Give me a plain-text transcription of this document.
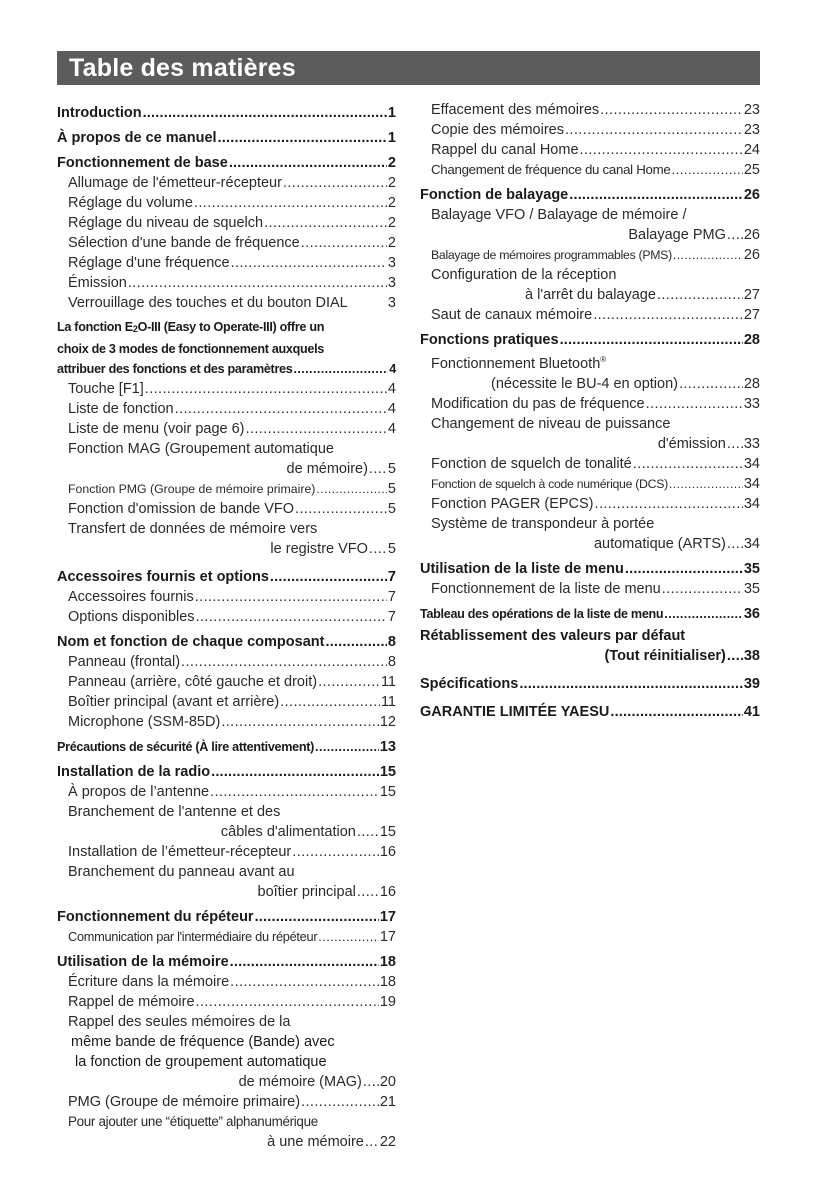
Table des matières
Introduction .....	1
À propos de ce manuel .....	1
Fonctionnement de base .....	2
Allumage de l'émetteur-récepteur .....	2
Réglage du volume .....	2
Réglage du niveau de squelch .....	2
Sélection d'une bande de fréquence .....	2
Réglage d'une fréquence .....	3
Émission .....	3
Verrouillage des touches et du bouton DIAL	3
La fonction $E_2O$-III (Easy to Operate-III) offre un
choix de 3 modes de fonctionnement auxquels
attribuer des fonctions et des paramètres .....	4
Touche [F1] .....	4
Liste de fonction .....	4
Liste de menu (voir page 6) .....	4
Fonction MAG (Groupement automatique
de mémoire) ..... 5
Fonction PMG (Groupe de mémoire primaire) .....	5
Fonction d'omission de bande VFO .....	5
Transfert de données de mémoire vers
le registre VFO ..... 5
Accessoires fournis et options .....	7
Accessoires fournis .....	7
Options disponibles .....	7
Nom et fonction de chaque composant .....	8
Panneau (frontal) .....	8
Panneau (arrière, côté gauche et droit) .....	11
Boîtier principal (avant et arrière) .....	11
Microphone (SSM-85D) .....	12
Précautions de sécurité (À lire attentivement) .....	13
Installation de la radio .....	15
À propos de l’antenne .....	15
Branchement de l'antenne et des
câbles d'alimentation ..... 15
Installation de l’émetteur-récepteur .....	16
Branchement du panneau avant au
boîtier principal ..... 16
Fonctionnement du répéteur .....	17
Communication par l'intermédiaire du répéteur .....	17
Utilisation de la mémoire .....	18
Écriture dans la mémoire .....	18
Rappel de mémoire .....	19
Rappel des seules mémoires de la
même bande de fréquence (Bande) avec
la fonction de groupement automatique
de mémoire (MAG) ..... 20
PMG (Groupe de mémoire primaire) .....	21
Pour ajouter une “étiquette” alphanumérique
à une mémoire ..... 22
Effacement des mémoires .....	23
Copie des mémoires .....	23
Rappel du canal Home .....	24
Changement de fréquence du canal Home .....	25
Fonction de balayage .....	26
Balayage VFO / Balayage de mémoire /
Balayage PMG ..... 26
Balayage de mémoires programmables (PMS) .....	26
Configuration de la réception
à l'arrêt du balayage .....	27
Saut de canaux mémoire .....	27
Fonctions pratiques .....	28
Fonctionnement Bluetooth®
(nécessite le BU-4 en option) .....	28
Modification du pas de fréquence .....	33
Changement de niveau de puissance
d'émission ..... 33
Fonction de squelch de tonalité .....	34
Fonction de squelch à code numérique (DCS) .....	34
Fonction PAGER (EPCS) .....	34
Système de transpondeur à portée
automatique (ARTS) ..... 34
Utilisation de la liste de menu .....	35
Fonctionnement de la liste de menu .....	35
Tableau des opérations de la liste de menu .....	36
Rétablissement des valeurs par défaut
(Tout réinitialiser) ..... 38
Spécifications .....	39
GARANTIE LIMITÉE YAESU .....	41
